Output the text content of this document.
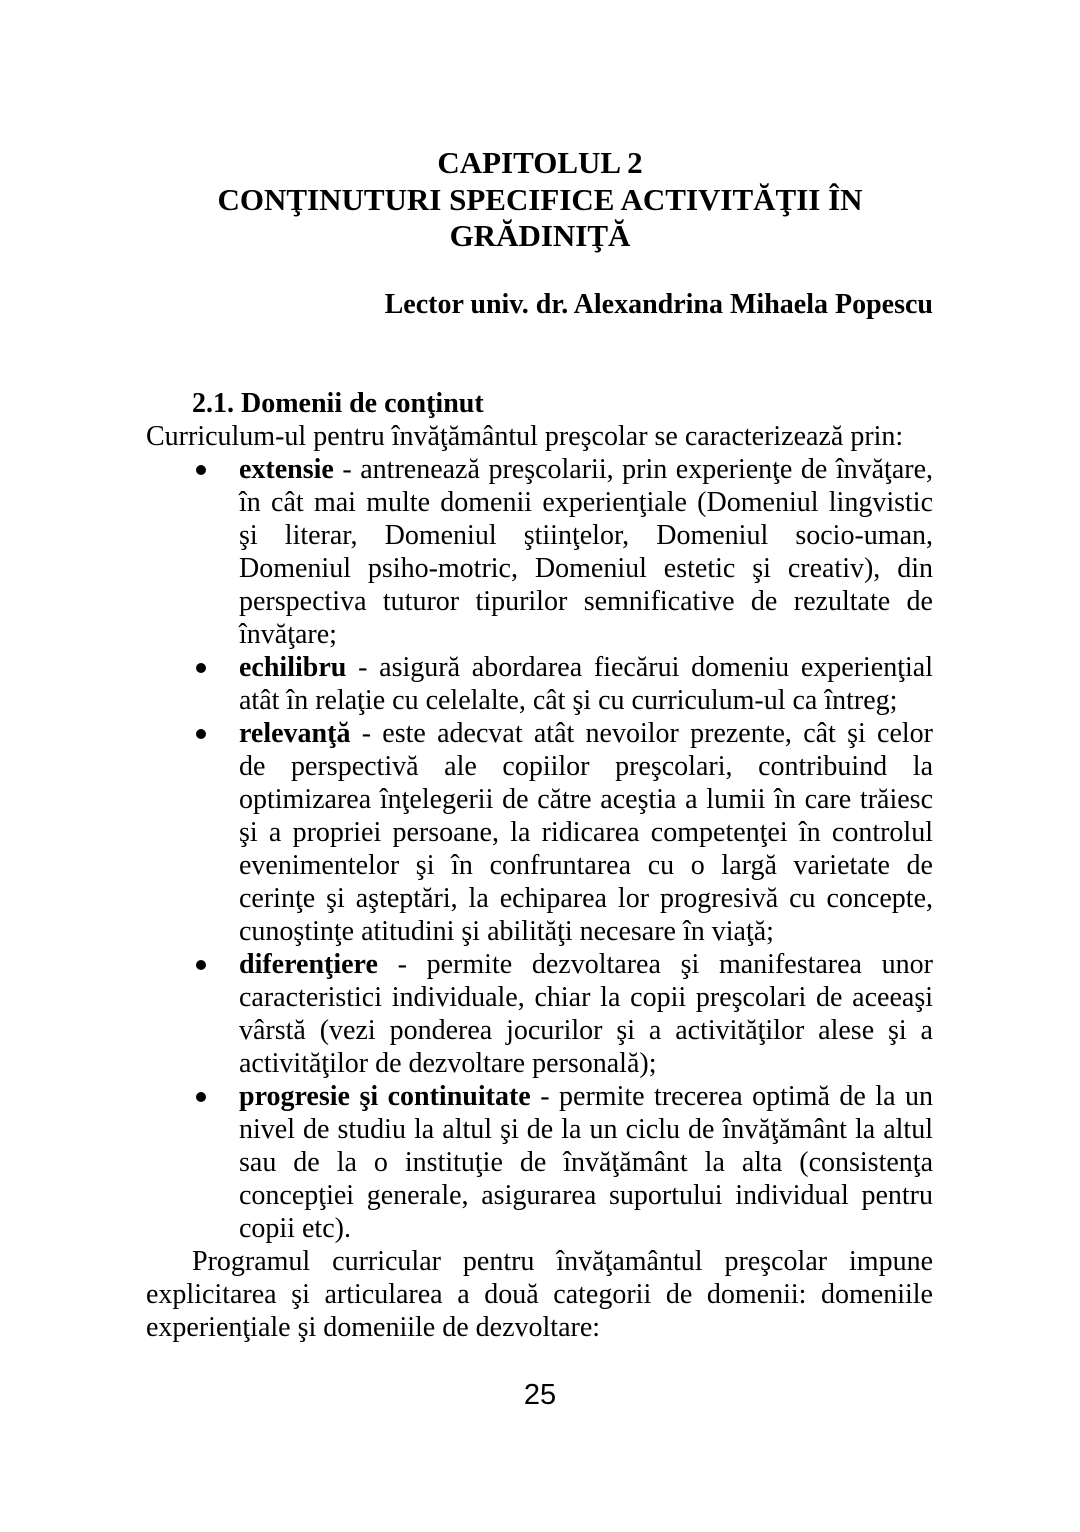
CAPITOLUL 2
CONŢINUTURI SPECIFICE ACTIVITĂŢII ÎN
GRĂDINIŢĂ
Lector univ. dr. Alexandrina Mihaela Popescu
2.1. Domenii de conţinut
Curriculum-ul pentru învăţământul preşcolar se caracterizează prin:
extensie - antrenează preşcolarii, prin experienţe de învăţare,
în cât mai multe domenii experienţiale (Domeniul lingvistic
şi literar, Domeniul ştiinţelor, Domeniul socio-uman,
Domeniul psiho-motric, Domeniul estetic şi creativ), din
perspectiva tuturor tipurilor semnificative de rezultate de
învăţare;
echilibru - asigură abordarea fiecărui domeniu experienţial
atât în relaţie cu celelalte, cât şi cu curriculum-ul ca întreg;
relevanţă - este adecvat atât nevoilor prezente, cât şi celor
de perspectivă ale copiilor preşcolari, contribuind la
optimizarea înţelegerii de către aceştia a lumii în care trăiesc
şi a propriei persoane, la ridicarea competenţei în controlul
evenimentelor şi în confruntarea cu o largă varietate de
cerinţe şi aşteptări, la echiparea lor progresivă cu concepte,
cunoştinţe atitudini şi abilităţi necesare în viaţă;
diferenţiere - permite dezvoltarea şi manifestarea unor
caracteristici individuale, chiar la copii preşcolari de aceeaşi
vârstă (vezi ponderea jocurilor şi a activităţilor alese şi a
activităţilor de dezvoltare personală);
progresie şi continuitate - permite trecerea optimă de la un
nivel de studiu la altul şi de la un ciclu de învăţământ la altul
sau de la o instituţie de învăţământ la alta (consistenţa
concepţiei generale, asigurarea suportului individual pentru
copii etc).
Programul curricular pentru învăţamântul preşcolar impune
explicitarea şi articularea a două categorii de domenii: domeniile
experienţiale şi domeniile de dezvoltare:
25
